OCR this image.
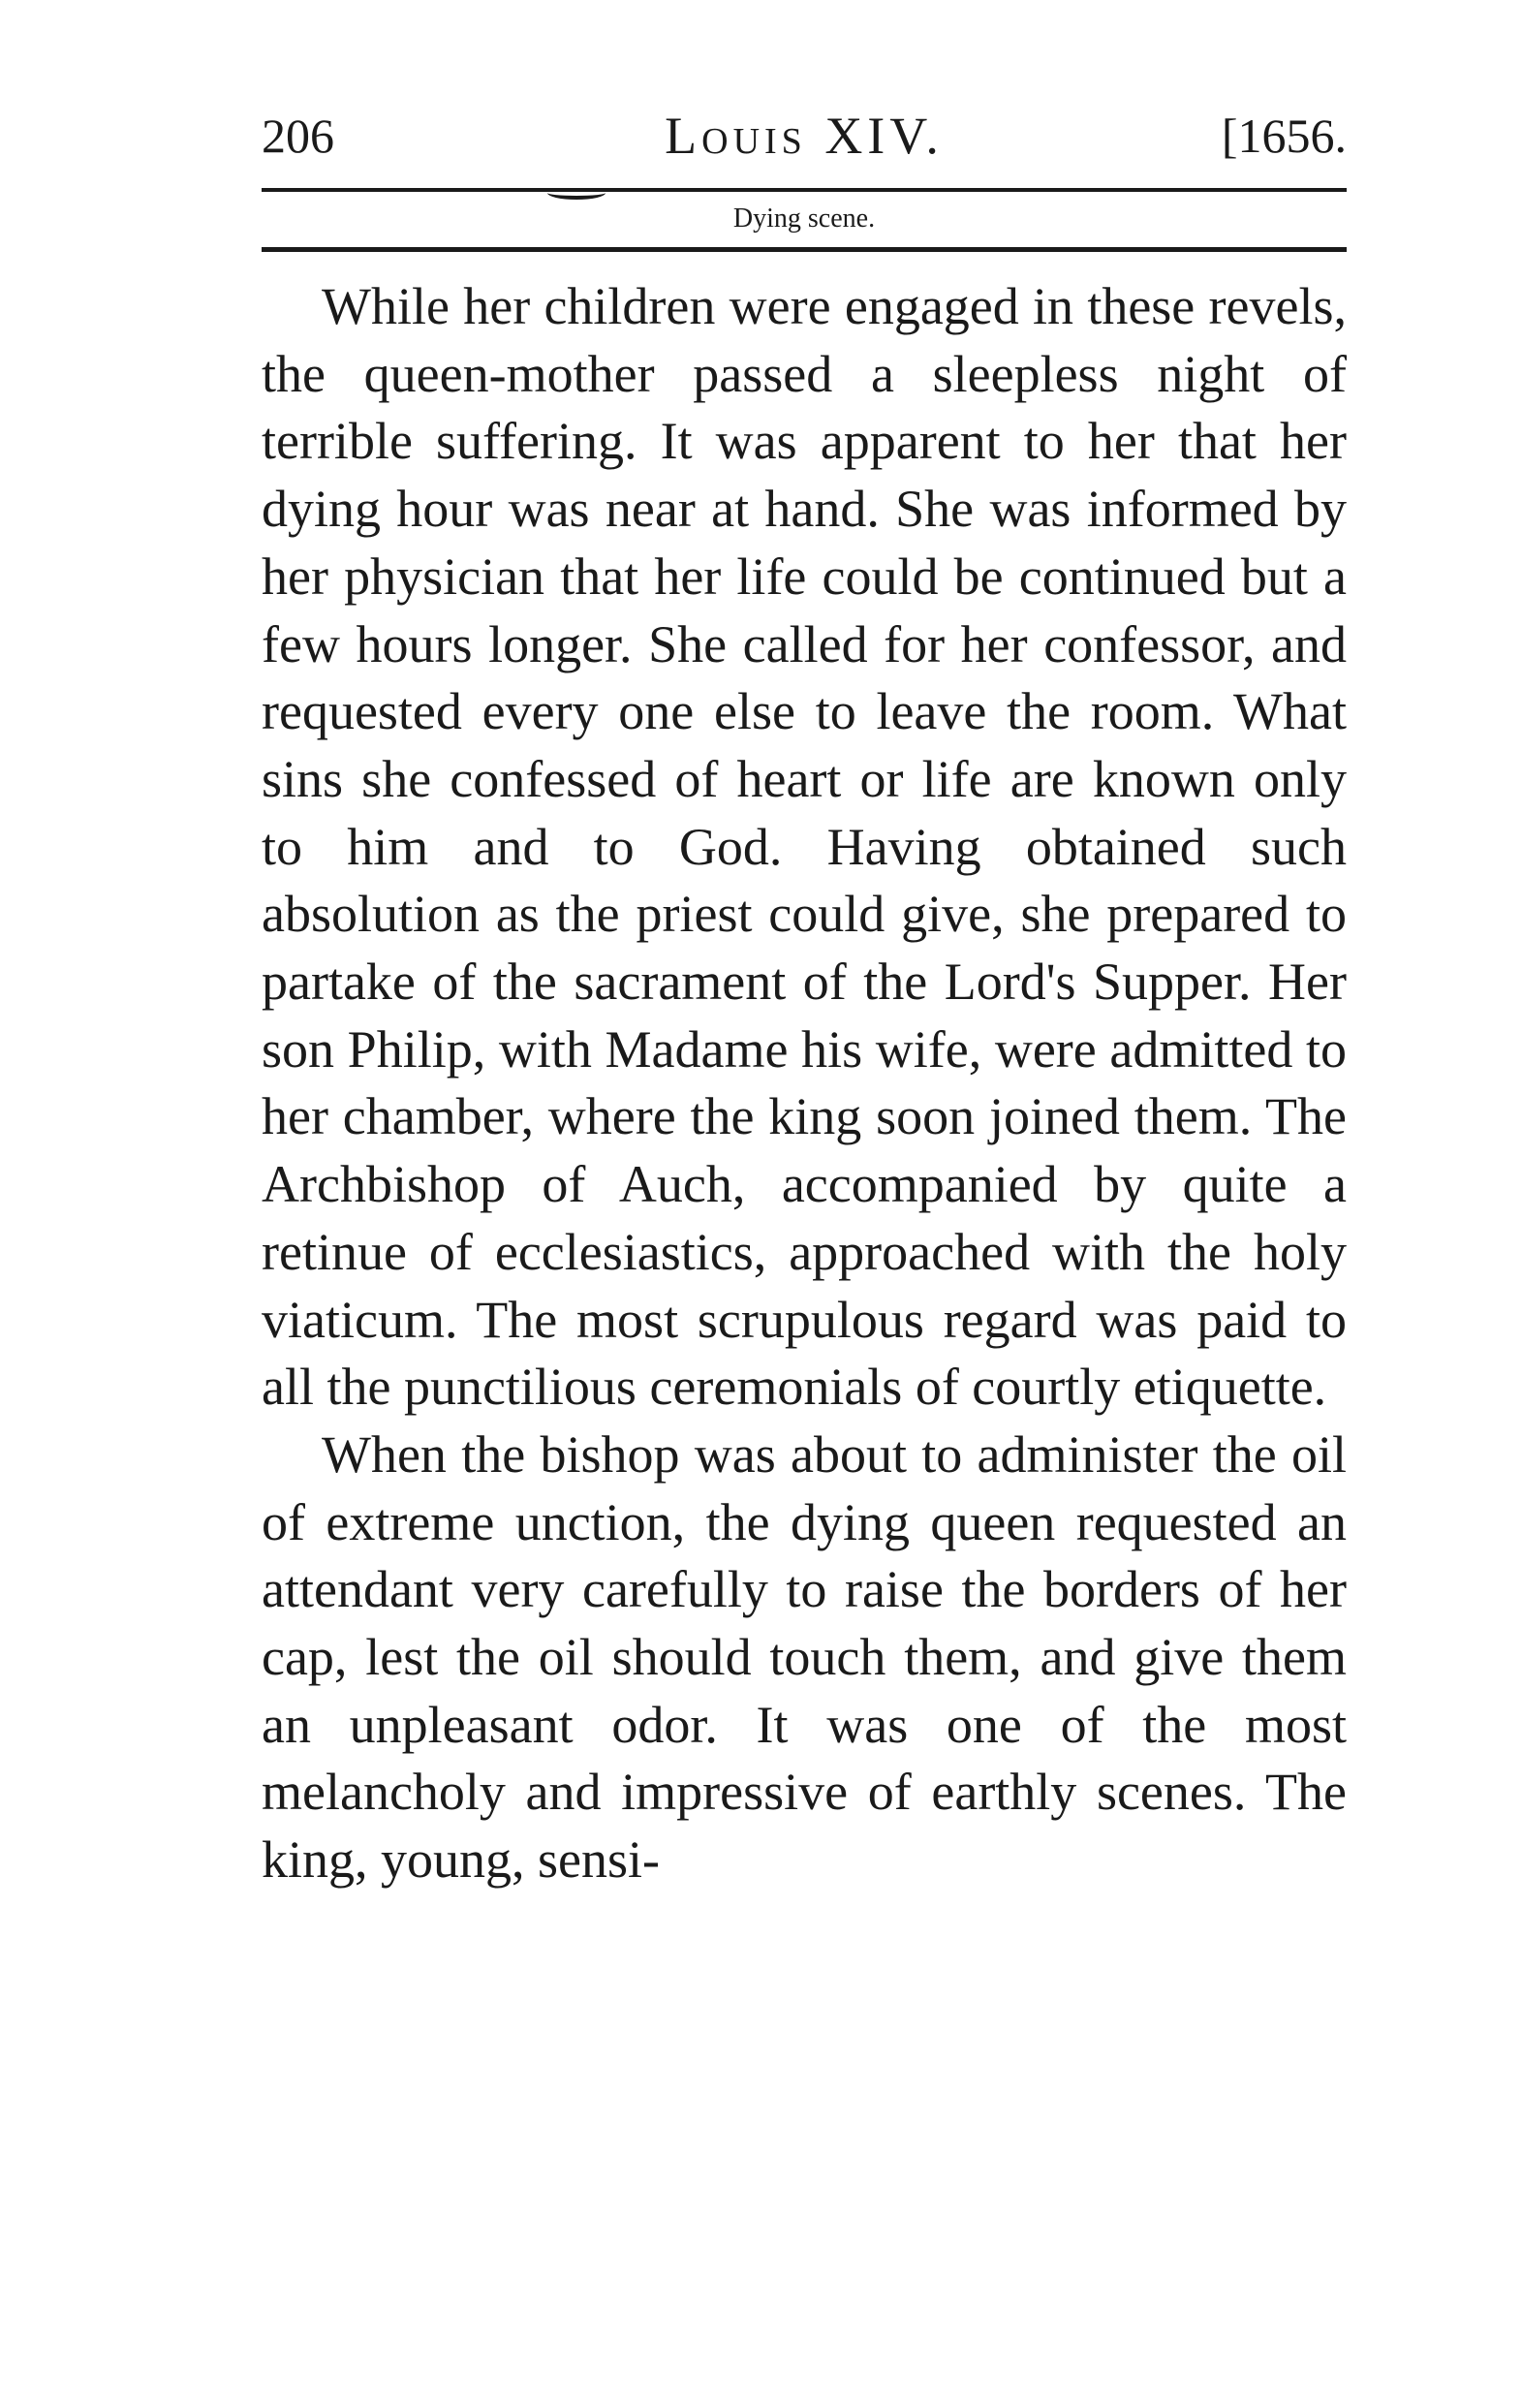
206	Louis XIV.	[1656.
Dying scene.

While her children were engaged in these revels, the queen-mother passed a sleepless night of terrible suffering. It was apparent to her that her dying hour was near at hand. She was informed by her physician that her life could be continued but a few hours longer. She called for her confessor, and requested every one else to leave the room. What sins she confessed of heart or life are known only to him and to God. Having obtained such absolution as the priest could give, she prepared to partake of the sacrament of the Lord's Supper. Her son Philip, with Madame his wife, were admitted to her chamber, where the king soon joined them. The Archbishop of Auch, accompanied by quite a retinue of ecclesiastics, approached with the holy viaticum. The most scrupulous regard was paid to all the punctilious ceremonials of courtly etiquette.

When the bishop was about to administer the oil of extreme unction, the dying queen requested an attendant very carefully to raise the borders of her cap, lest the oil should touch them, and give them an unpleasant odor. It was one of the most melancholy and impressive of earthly scenes. The king, young, sensi-
